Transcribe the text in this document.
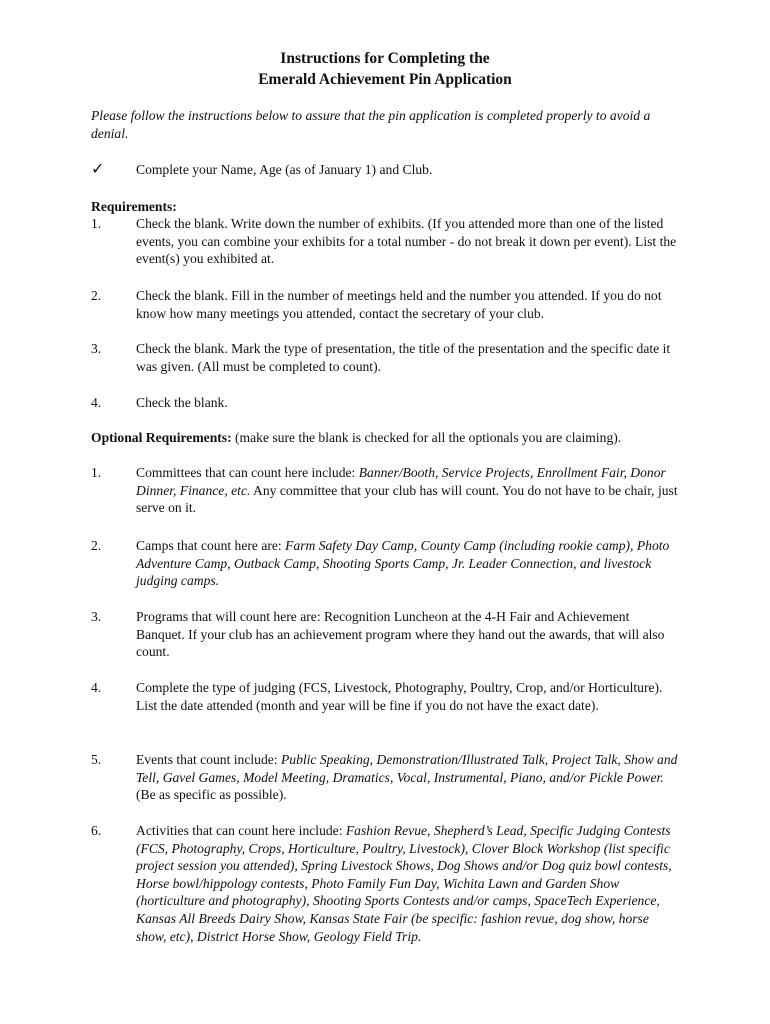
Instructions for Completing the
Emerald Achievement Pin Application
Please follow the instructions below to assure that the pin application is completed properly to avoid a denial.
✓ Complete your Name, Age (as of January 1) and Club.
Requirements:
1.	Check the blank. Write down the number of exhibits. (If you attended more than one of the listed events, you can combine your exhibits for a total number - do not break it down per event). List the event(s) you exhibited at.
2.	Check the blank. Fill in the number of meetings held and the number you attended. If you do not know how many meetings you attended, contact the secretary of your club.
3.	Check the blank. Mark the type of presentation, the title of the presentation and the specific date it was given. (All must be completed to count).
4.	Check the blank.
Optional Requirements: (make sure the blank is checked for all the optionals you are claiming).
1.	Committees that can count here include: Banner/Booth, Service Projects, Enrollment Fair, Donor Dinner, Finance, etc. Any committee that your club has will count. You do not have to be chair, just serve on it.
2.	Camps that count here are: Farm Safety Day Camp, County Camp (including rookie camp), Photo Adventure Camp, Outback Camp, Shooting Sports Camp, Jr. Leader Connection, and livestock judging camps.
3.	Programs that will count here are: Recognition Luncheon at the 4-H Fair and Achievement Banquet. If your club has an achievement program where they hand out the awards, that will also count.
4.	Complete the type of judging (FCS, Livestock, Photography, Poultry, Crop, and/or Horticulture). List the date attended (month and year will be fine if you do not have the exact date).
5.	Events that count include: Public Speaking, Demonstration/Illustrated Talk, Project Talk, Show and Tell, Gavel Games, Model Meeting, Dramatics, Vocal, Instrumental, Piano, and/or Pickle Power. (Be as specific as possible).
6.	Activities that can count here include: Fashion Revue, Shepherd’s Lead, Specific Judging Contests (FCS, Photography, Crops, Horticulture, Poultry, Livestock), Clover Block Workshop (list specific project session you attended), Spring Livestock Shows, Dog Shows and/or Dog quiz bowl contests, Horse bowl/hippology contests, Photo Family Fun Day, Wichita Lawn and Garden Show (horticulture and photography), Shooting Sports Contests and/or camps, SpaceTech Experience, Kansas All Breeds Dairy Show, Kansas State Fair (be specific: fashion revue, dog show, horse show, etc), District Horse Show, Geology Field Trip.
